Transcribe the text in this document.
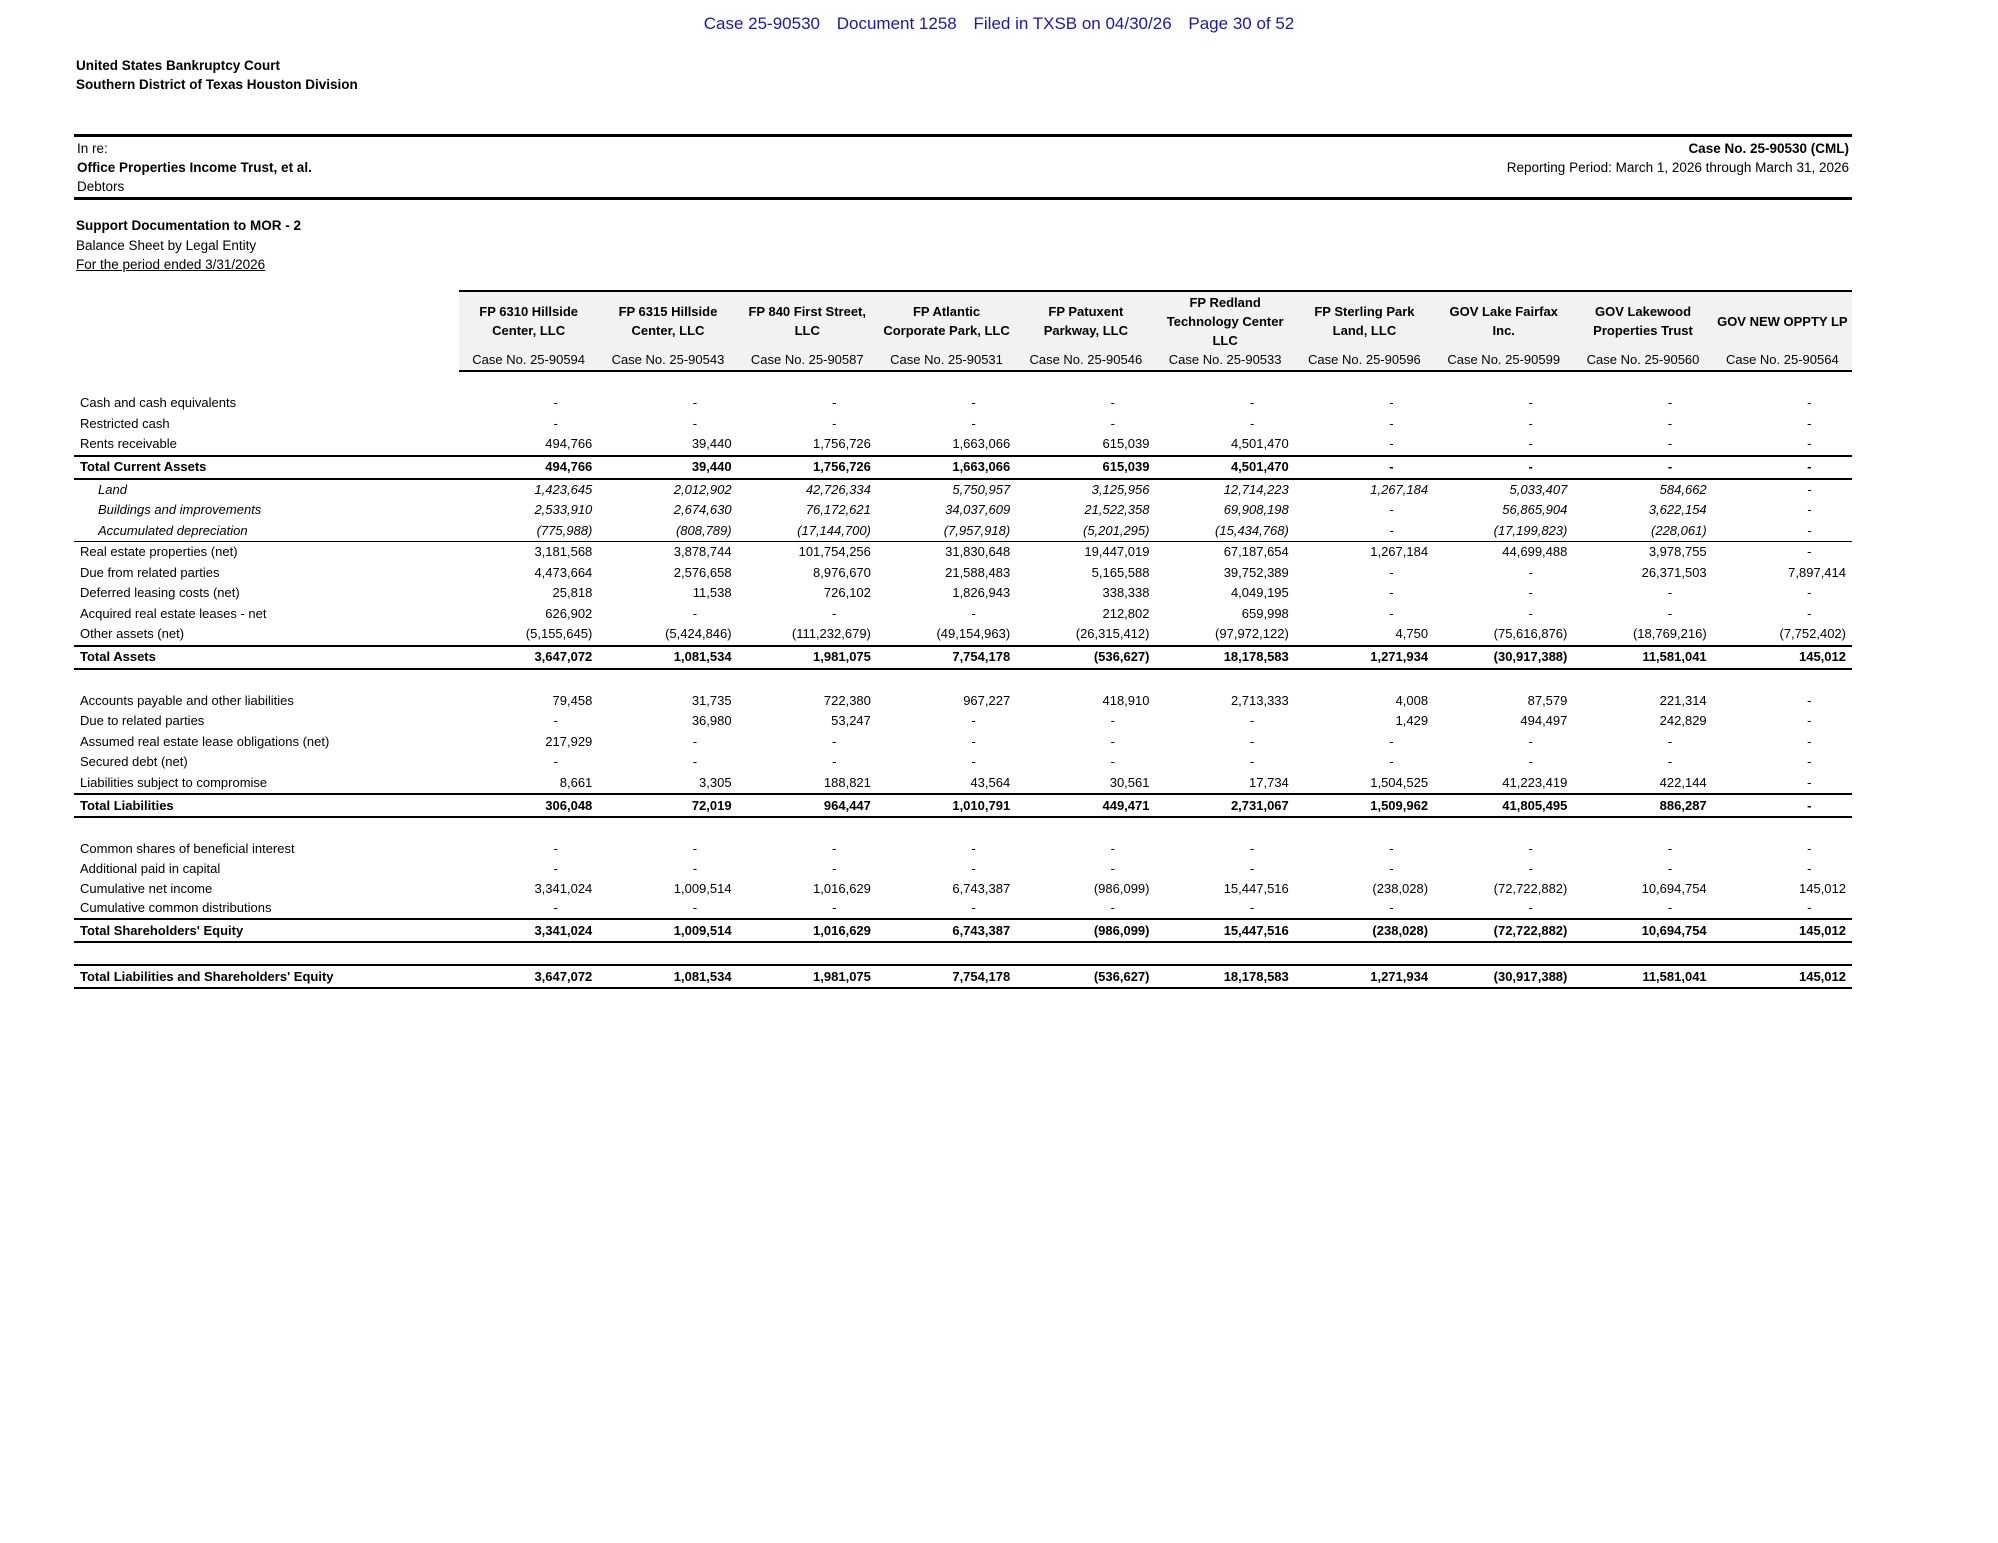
Case 25-90530 Document 1258 Filed in TXSB on 04/30/26 Page 30 of 52
United States Bankruptcy Court
Southern District of Texas Houston Division
In re:	Case No. 25-90530 (CML)
Office Properties Income Trust, et al.	Reporting Period: March 1, 2026 through March 31, 2026
Debtors
Support Documentation to MOR - 2
Balance Sheet by Legal Entity
For the period ended 3/31/2026
	FP 6310 Hillside Center, LLC	FP 6315 Hillside Center, LLC	FP 840 First Street, LLC	FP Atlantic Corporate Park, LLC	FP Patuxent Parkway, LLC	FP Redland Technology Center LLC	FP Sterling Park Land, LLC	GOV Lake Fairfax Inc.	GOV Lakewood Properties Trust	GOV NEW OPPTY LP
	Case No. 25-90594	Case No. 25-90543	Case No. 25-90587	Case No. 25-90531	Case No. 25-90546	Case No. 25-90533	Case No. 25-90596	Case No. 25-90599	Case No. 25-90560	Case No. 25-90564

Cash and cash equivalents	-	-	-	-	-	-	-	-	-	-
Restricted cash	-	-	-	-	-	-	-	-	-	-
Rents receivable	494,766	39,440	1,756,726	1,663,066	615,039	4,501,470	-	-	-	-
Total Current Assets	494,766	39,440	1,756,726	1,663,066	615,039	4,501,470	-	-	-	-
Land	1,423,645	2,012,902	42,726,334	5,750,957	3,125,956	12,714,223	1,267,184	5,033,407	584,662	-
Buildings and improvements	2,533,910	2,674,630	76,172,621	34,037,609	21,522,358	69,908,198	-	56,865,904	3,622,154	-
Accumulated depreciation	(775,988)	(808,789)	(17,144,700)	(7,957,918)	(5,201,295)	(15,434,768)	-	(17,199,823)	(228,061)	-
Real estate properties (net)	3,181,568	3,878,744	101,754,256	31,830,648	19,447,019	67,187,654	1,267,184	44,699,488	3,978,755	-
Due from related parties	4,473,664	2,576,658	8,976,670	21,588,483	5,165,588	39,752,389	-	-	26,371,503	7,897,414
Deferred leasing costs (net)	25,818	11,538	726,102	1,826,943	338,338	4,049,195	-	-	-	-
Acquired real estate leases - net	626,902	-	-	-	212,802	659,998	-	-	-	-
Other assets (net)	(5,155,645)	(5,424,846)	(111,232,679)	(49,154,963)	(26,315,412)	(97,972,122)	4,750	(75,616,876)	(18,769,216)	(7,752,402)
Total Assets	3,647,072	1,081,534	1,981,075	7,754,178	(536,627)	18,178,583	1,271,934	(30,917,388)	11,581,041	145,012

Accounts payable and other liabilities	79,458	31,735	722,380	967,227	418,910	2,713,333	4,008	87,579	221,314	-
Due to related parties	-	36,980	53,247	-	-	-	1,429	494,497	242,829	-
Assumed real estate lease obligations (net)	217,929	-	-	-	-	-	-	-	-	-
Secured debt (net)	-	-	-	-	-	-	-	-	-	-
Liabilities subject to compromise	8,661	3,305	188,821	43,564	30,561	17,734	1,504,525	41,223,419	422,144	-
Total Liabilities	306,048	72,019	964,447	1,010,791	449,471	2,731,067	1,509,962	41,805,495	886,287	-

Common shares of beneficial interest	-	-	-	-	-	-	-	-	-	-
Additional paid in capital	-	-	-	-	-	-	-	-	-	-
Cumulative net income	3,341,024	1,009,514	1,016,629	6,743,387	(986,099)	15,447,516	(238,028)	(72,722,882)	10,694,754	145,012
Cumulative common distributions	-	-	-	-	-	-	-	-	-	-
Total Shareholders' Equity	3,341,024	1,009,514	1,016,629	6,743,387	(986,099)	15,447,516	(238,028)	(72,722,882)	10,694,754	145,012

Total Liabilities and Shareholders' Equity	3,647,072	1,081,534	1,981,075	7,754,178	(536,627)	18,178,583	1,271,934	(30,917,388)	11,581,041	145,012
